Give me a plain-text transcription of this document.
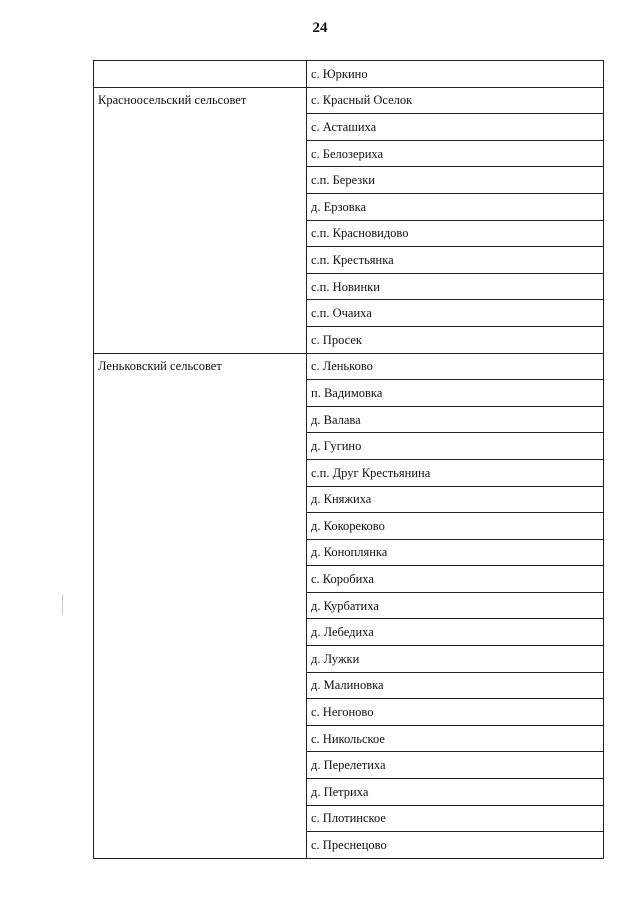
24
	с. Юркино
Красноосельский сельсовет	с. Красный Оселок
	с. Асташиха
	с. Белозериха
	с.п. Березки
	д. Ерзовка
	с.п. Красновидово
	с.п. Крестьянка
	с.п. Новинки
	с.п. Очаиха
	с. Просек
Леньковский сельсовет	с. Леньково
	п. Вадимовка
	д. Валава
	д. Гугино
	с.п. Друг Крестьянина
	д. Княжиха
	д. Кокореково
	д. Коноплянка
	с. Коробиха
	д. Курбатиха
	д. Лебедиха
	д. Лужки
	д. Малиновка
	с. Негоново
	с. Никольское
	д. Перелетиха
	д. Петриха
	с. Плотинское
	с. Преснецово
